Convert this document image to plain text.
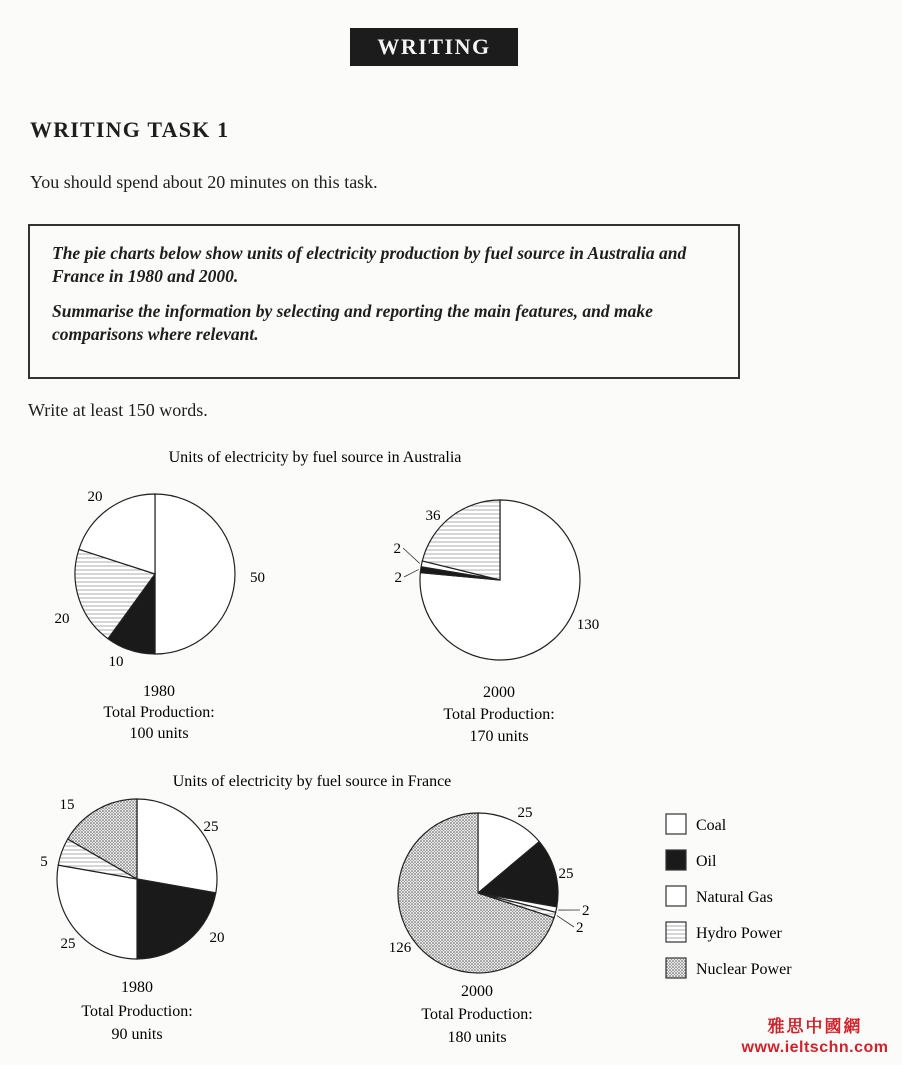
WRITING
WRITING TASK 1
You should spend about 20 minutes on this task.

The pie charts below show units of electricity production by fuel source in Australia and France in 1980 and 2000.

Summarise the information by selecting and reporting the main features, and make comparisons where relevant.

Write at least 150 words.
Units of electricity by fuel source in Australia
Units of electricity by fuel source in France
50
10
20
20
130
2
2
36
25
20
25
5
15	25
25
2
2
126
1980
Total Production:
100 units
2000
Total Production:
170 units
1980
Total Production:
90 units
2000
Total Production:
180 units
Coal
Oil
Natural Gas
Hydro Power
Nuclear Power
雅思中國網
www.ieltschn.com
